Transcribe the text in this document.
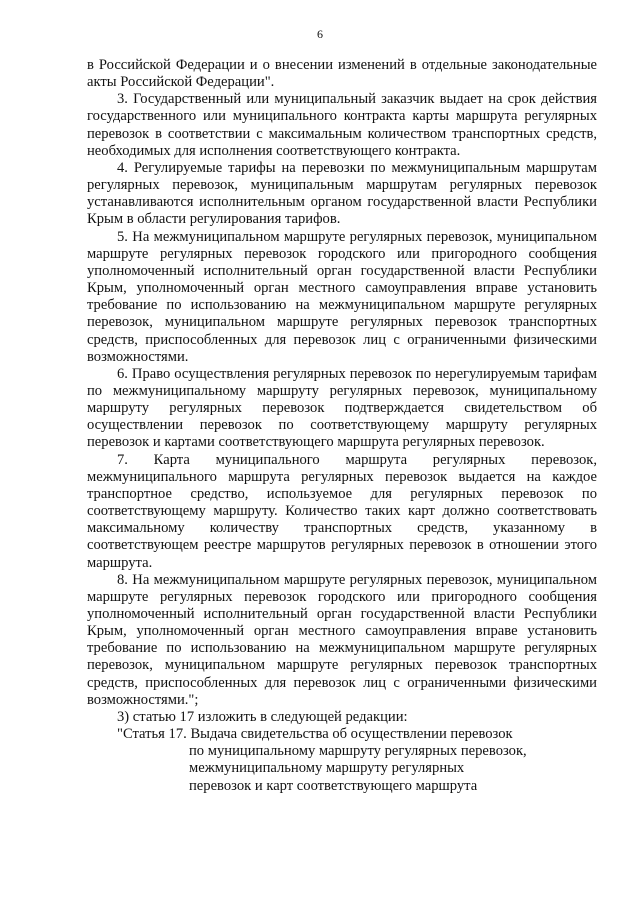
6

в Российской Федерации и о внесении изменений в отдельные законодательные акты Российской Федерации".

3. Государственный или муниципальный заказчик выдает на срок действия государственного или муниципального контракта карты маршрута регулярных перевозок в соответствии с максимальным количеством транспортных средств, необходимых для исполнения соответствующего контракта.

4. Регулируемые тарифы на перевозки по межмуниципальным маршрутам регулярных перевозок, муниципальным маршрутам регулярных перевозок устанавливаются исполнительным органом государственной власти Республики Крым в области регулирования тарифов.

5. На межмуниципальном маршруте регулярных перевозок, муниципальном маршруте регулярных перевозок городского или пригородного сообщения уполномоченный исполнительный орган государственной власти Республики Крым, уполномоченный орган местного самоуправления вправе установить требование по использованию на межмуниципальном маршруте регулярных перевозок, муниципальном маршруте регулярных перевозок транспортных средств, приспособленных для перевозок лиц с ограниченными физическими возможностями.

6. Право осуществления регулярных перевозок по нерегулируемым тарифам по межмуниципальному маршруту регулярных перевозок, муниципальному маршруту регулярных перевозок подтверждается свидетельством об осуществлении перевозок по соответствующему маршруту регулярных перевозок и картами соответствующего маршрута регулярных перевозок.

7. Карта муниципального маршрута регулярных перевозок, межмуниципального маршрута регулярных перевозок выдается на каждое транспортное средство, используемое для регулярных перевозок по соответствующему маршруту. Количество таких карт должно соответствовать максимальному количеству транспортных средств, указанному в соответствующем реестре маршрутов регулярных перевозок в отношении этого маршрута.

8. На межмуниципальном маршруте регулярных перевозок, муниципальном маршруте регулярных перевозок городского или пригородного сообщения уполномоченный исполнительный орган государственной власти Республики Крым, уполномоченный орган местного самоуправления вправе установить требование по использованию на межмуниципальном маршруте регулярных перевозок, муниципальном маршруте регулярных перевозок транспортных средств, приспособленных для перевозок лиц с ограниченными физическими возможностями.";

3) статью 17 изложить в следующей редакции:

"Статья 17. Выдача свидетельства об осуществлении перевозок
по муниципальному маршруту регулярных перевозок,
межмуниципальному маршруту регулярных
перевозок и карт соответствующего маршрута
